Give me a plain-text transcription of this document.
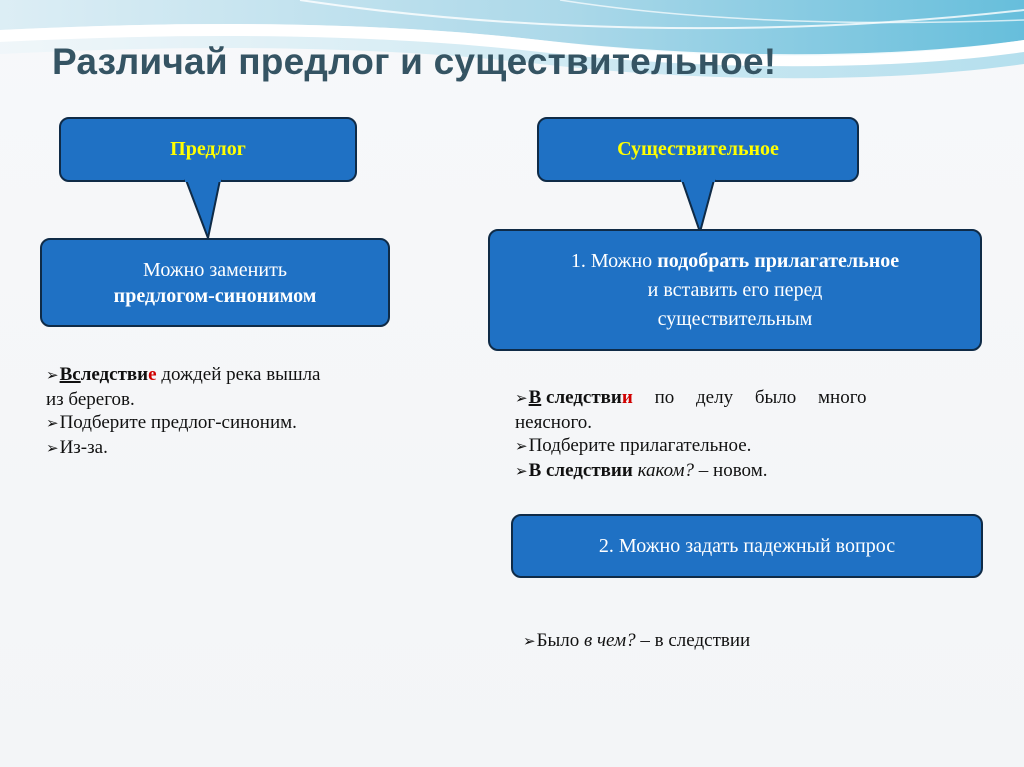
Различай предлог и существительное!
Предлог
Можно заменить
предлогом-синонимом
➢Вследствие дождей река вышла
из берегов.
➢Подберите предлог-синоним.
➢Из-за.
Существительное
1. Можно подобрать прилагательное
и вставить его перед
существительным
➢В следствии по делу было много
неясного.
➢Подберите прилагательное.
➢В следствии каком? – новом.
2. Можно задать падежный вопрос
➢Было в чем? – в следствии
